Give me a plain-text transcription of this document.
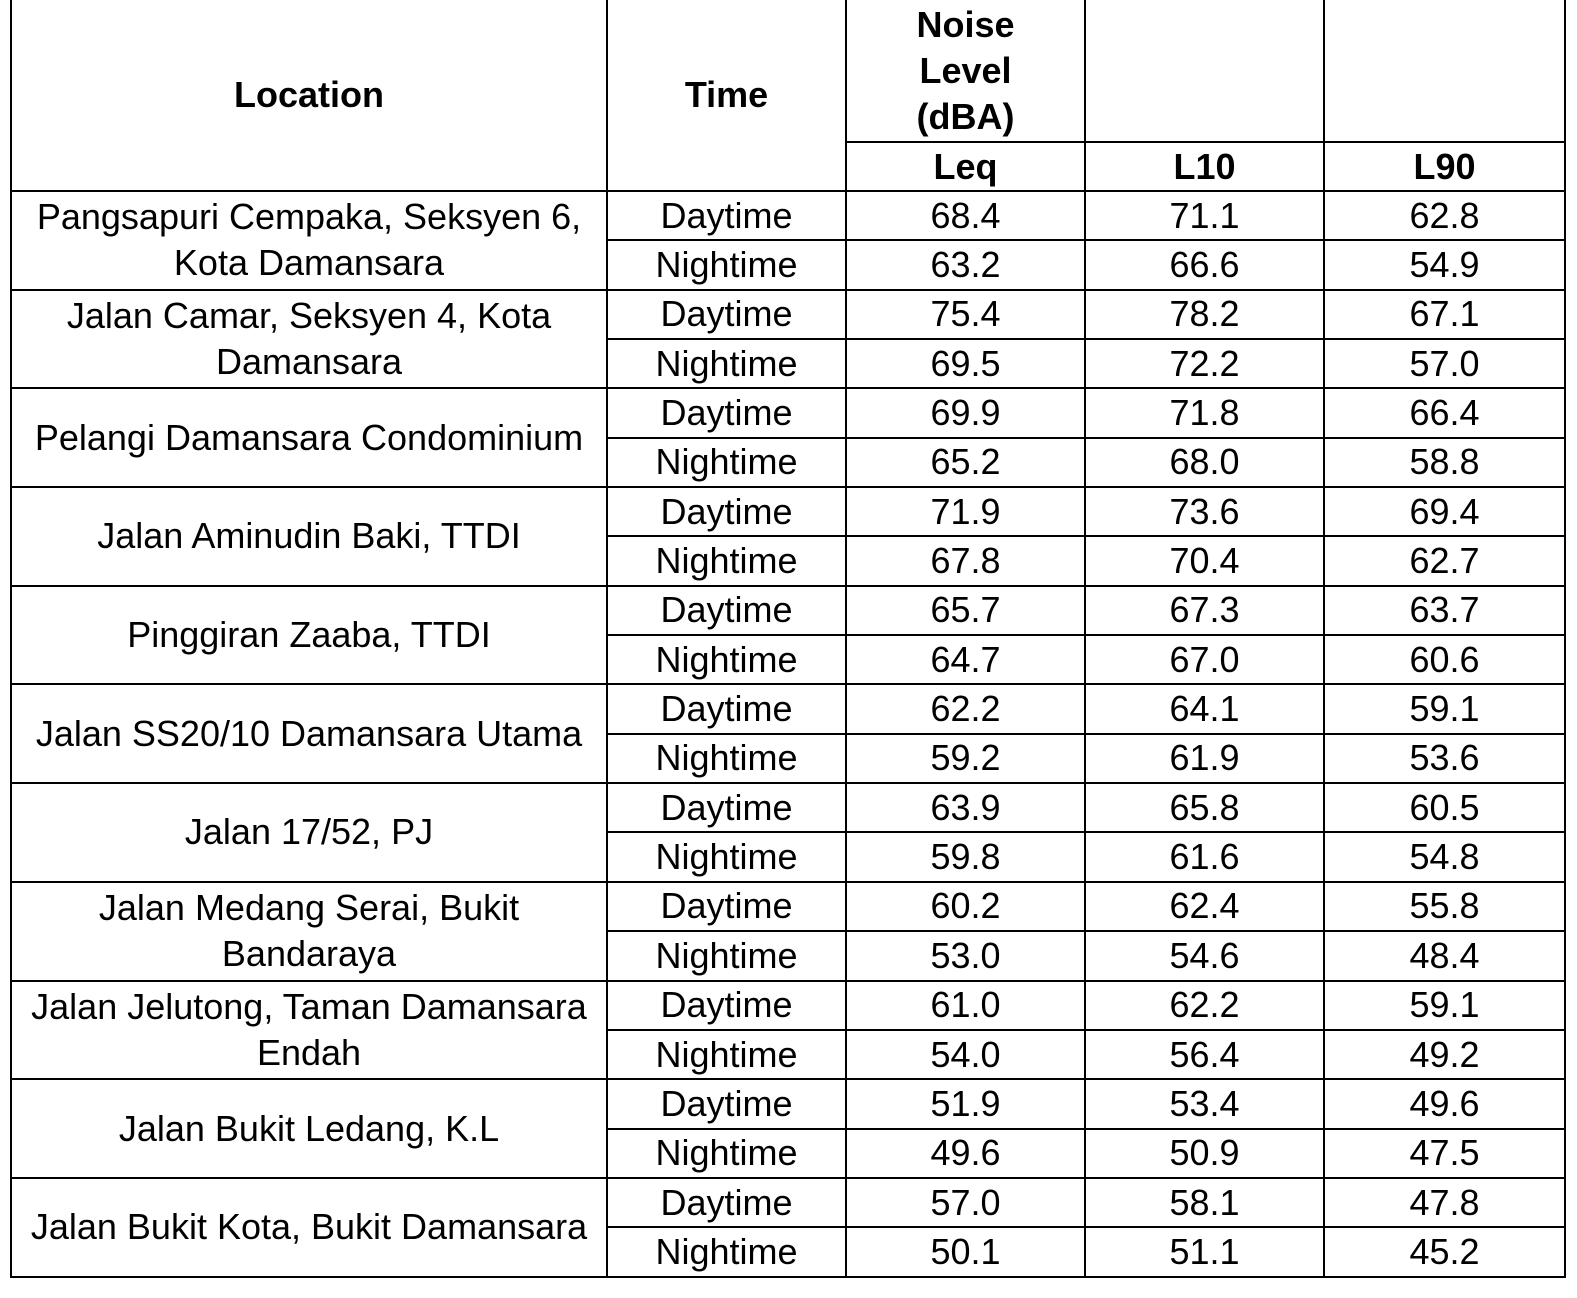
Location	Time	Noise Level (dBA)		
		Leq	L10	L90
Pangsapuri Cempaka, Seksyen 6, Kota Damansara	Daytime	68.4	71.1	62.8
	Nightime	63.2	66.6	54.9
Jalan Camar, Seksyen 4, Kota Damansara	Daytime	75.4	78.2	67.1
	Nightime	69.5	72.2	57.0
Pelangi Damansara Condominium	Daytime	69.9	71.8	66.4
	Nightime	65.2	68.0	58.8
Jalan Aminudin Baki, TTDI	Daytime	71.9	73.6	69.4
	Nightime	67.8	70.4	62.7
Pinggiran Zaaba, TTDI	Daytime	65.7	67.3	63.7
	Nightime	64.7	67.0	60.6
Jalan SS20/10 Damansara Utama	Daytime	62.2	64.1	59.1
	Nightime	59.2	61.9	53.6
Jalan 17/52, PJ	Daytime	63.9	65.8	60.5
	Nightime	59.8	61.6	54.8
Jalan Medang Serai, Bukit Bandaraya	Daytime	60.2	62.4	55.8
	Nightime	53.0	54.6	48.4
Jalan Jelutong, Taman Damansara Endah	Daytime	61.0	62.2	59.1
	Nightime	54.0	56.4	49.2
Jalan Bukit Ledang, K.L	Daytime	51.9	53.4	49.6
	Nightime	49.6	50.9	47.5
Jalan Bukit Kota, Bukit Damansara	Daytime	57.0	58.1	47.8
	Nightime	50.1	51.1	45.2
